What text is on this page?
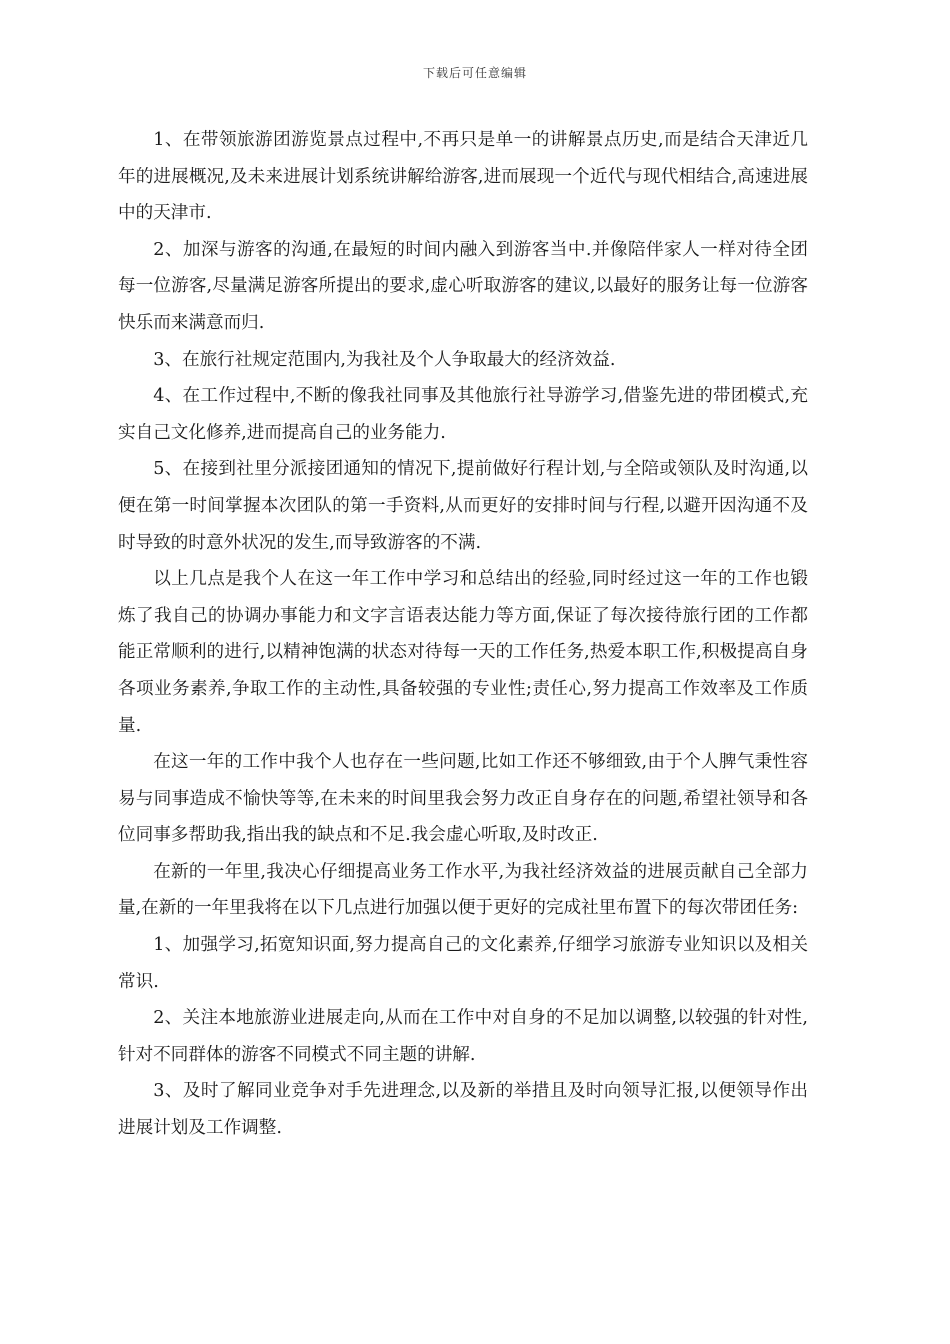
下载后可任意编辑

1、在带领旅游团游览景点过程中,不再只是单一的讲解景点历史,而是结合天津近几年的进展概况,及未来进展计划系统讲解给游客,进而展现一个近代与现代相结合,高速进展中的天津市.

2、加深与游客的沟通,在最短的时间内融入到游客当中.并像陪伴家人一样对待全团每一位游客,尽量满足游客所提出的要求,虚心听取游客的建议,以最好的服务让每一位游客快乐而来满意而归.

3、在旅行社规定范围内,为我社及个人争取最大的经济效益.

4、在工作过程中,不断的像我社同事及其他旅行社导游学习,借鉴先进的带团模式,充实自己文化修养,进而提高自己的业务能力.

5、在接到社里分派接团通知的情况下,提前做好行程计划,与全陪或领队及时沟通,以便在第一时间掌握本次团队的第一手资料,从而更好的安排时间与行程,以避开因沟通不及时导致的时意外状况的发生,而导致游客的不满.

以上几点是我个人在这一年工作中学习和总结出的经验,同时经过这一年的工作也锻炼了我自己的协调办事能力和文字言语表达能力等方面,保证了每次接待旅行团的工作都能正常顺利的进行,以精神饱满的状态对待每一天的工作任务,热爱本职工作,积极提高自身各项业务素养,争取工作的主动性,具备较强的专业性;责任心,努力提高工作效率及工作质量.

在这一年的工作中我个人也存在一些问题,比如工作还不够细致,由于个人脾气秉性容易与同事造成不愉快等等,在未来的时间里我会努力改正自身存在的问题,希望社领导和各位同事多帮助我,指出我的缺点和不足.我会虚心听取,及时改正.

在新的一年里,我决心仔细提高业务工作水平,为我社经济效益的进展贡献自己全部力量,在新的一年里我将在以下几点进行加强以便于更好的完成社里布置下的每次带团任务:

1、加强学习,拓宽知识面,努力提高自己的文化素养,仔细学习旅游专业知识以及相关常识.

2、关注本地旅游业进展走向,从而在工作中对自身的不足加以调整,以较强的针对性,针对不同群体的游客不同模式不同主题的讲解.

3、及时了解同业竞争对手先进理念,以及新的举措且及时向领导汇报,以便领导作出进展计划及工作调整.
